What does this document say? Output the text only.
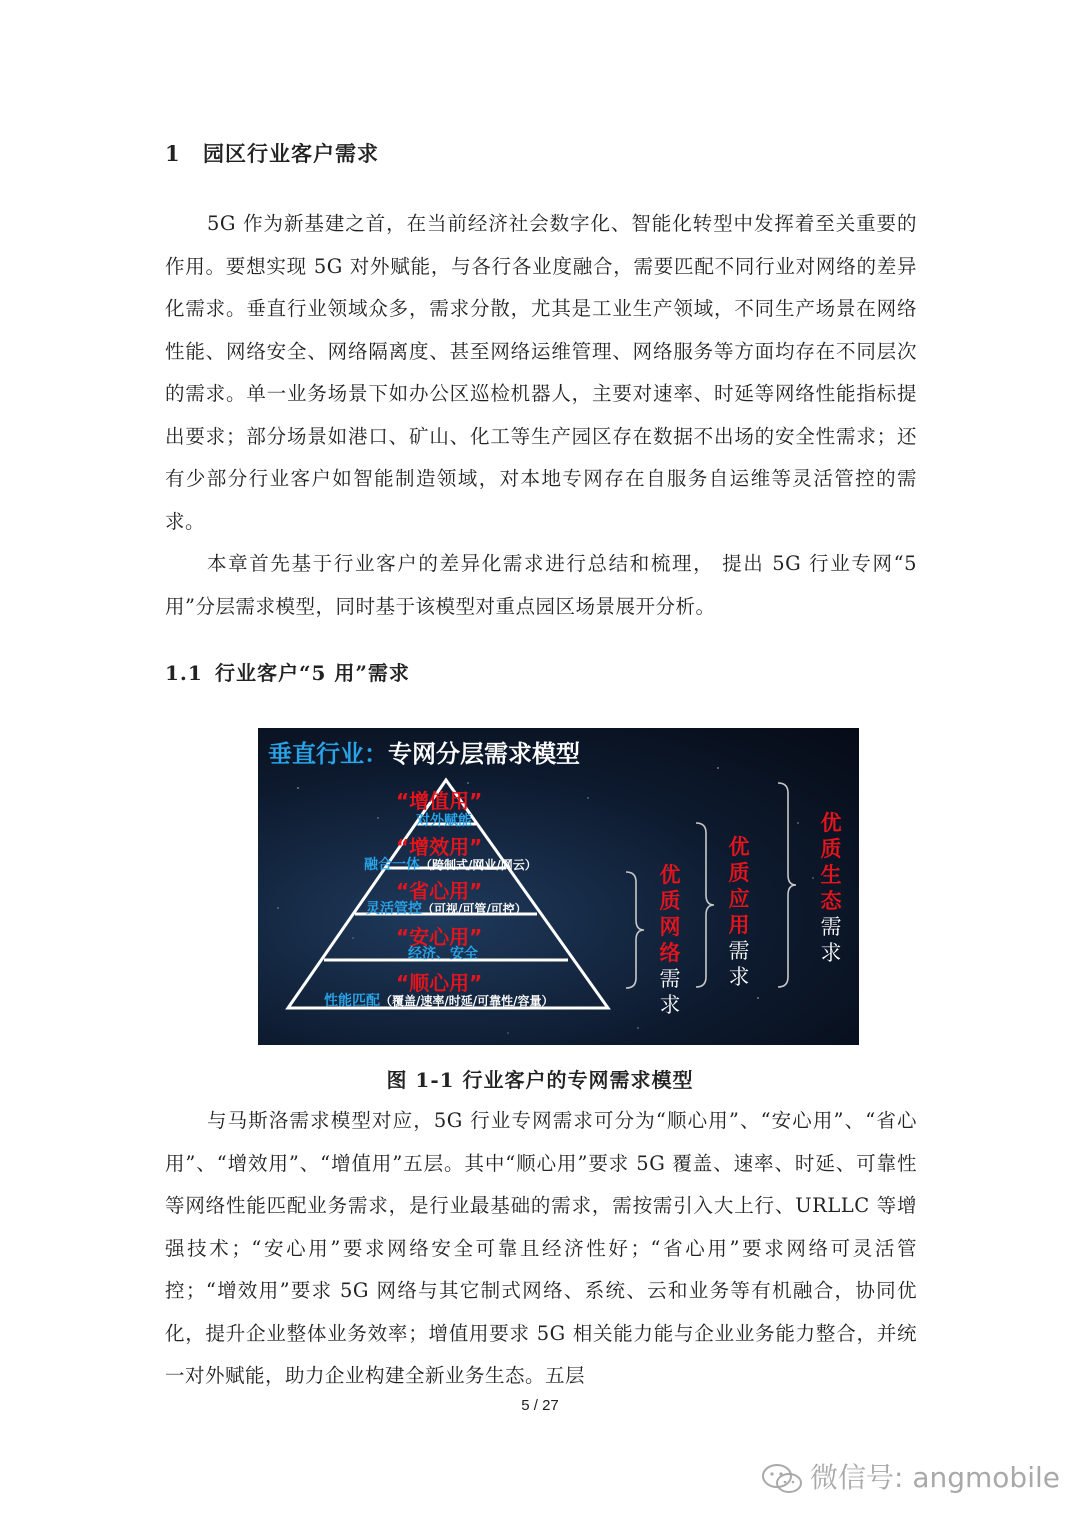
1 园区行业客户需求

5G 作为新基建之首，在当前经济社会数字化、智能化转型中发挥着至关重要的作用。要想实现 5G 对外赋能，与各行各业度融合，需要匹配不同行业对网络的差异化需求。垂直行业领域众多，需求分散，尤其是工业生产领域，不同生产场景在网络性能、网络安全、网络隔离度、甚至网络运维管理、网络服务等方面均存在不同层次的需求。单一业务场景下如办公区巡检机器人，主要对速率、时延等网络性能指标提出要求；部分场景如港口、矿山、化工等生产园区存在数据不出场的安全性需求；还有少部分行业客户如智能制造领域，对本地专网存在自服务自运维等灵活管控的需求。

本章首先基于行业客户的差异化需求进行总结和梳理， 提出 5G 行业专网“5 用”分层需求模型，同时基于该模型对重点园区场景展开分析。

1.1 行业客户“5 用”需求
垂直行业：专网分层需求模型
“增值用”
对外赋能
“增效用”
融合一体（跨制式/网业/网云）
“省心用”
灵活管控（可视/可管/可控）
“安心用”
经济、安全
“顺心用”
性能匹配（覆盖/速率/时延/可靠性/容量）
优
质
网
络
需
求
优
质
应
用
需
求
优
质
生
态
需
求
图 1-1 行业客户的专网需求模型

与马斯洛需求模型对应，5G 行业专网需求可分为“顺心用”、“安心用”、“省心用”、“增效用”、“增值用”五层。其中“顺心用”要求 5G 覆盖、速率、时延、可靠性等网络性能匹配业务需求，是行业最基础的需求，需按需引入大上行、URLLC 等增强技术；“安心用”要求网络安全可靠且经济性好；“省心用”要求网络可灵活管控；“增效用”要求 5G 网络与其它制式网络、系统、云和业务等有机融合，协同优化，提升企业整体业务效率；增值用要求 5G 相关能力能与企业业务能力整合，并统一对外赋能，助力企业构建全新业务生态。五层

5 / 27
微信号: angmobile
